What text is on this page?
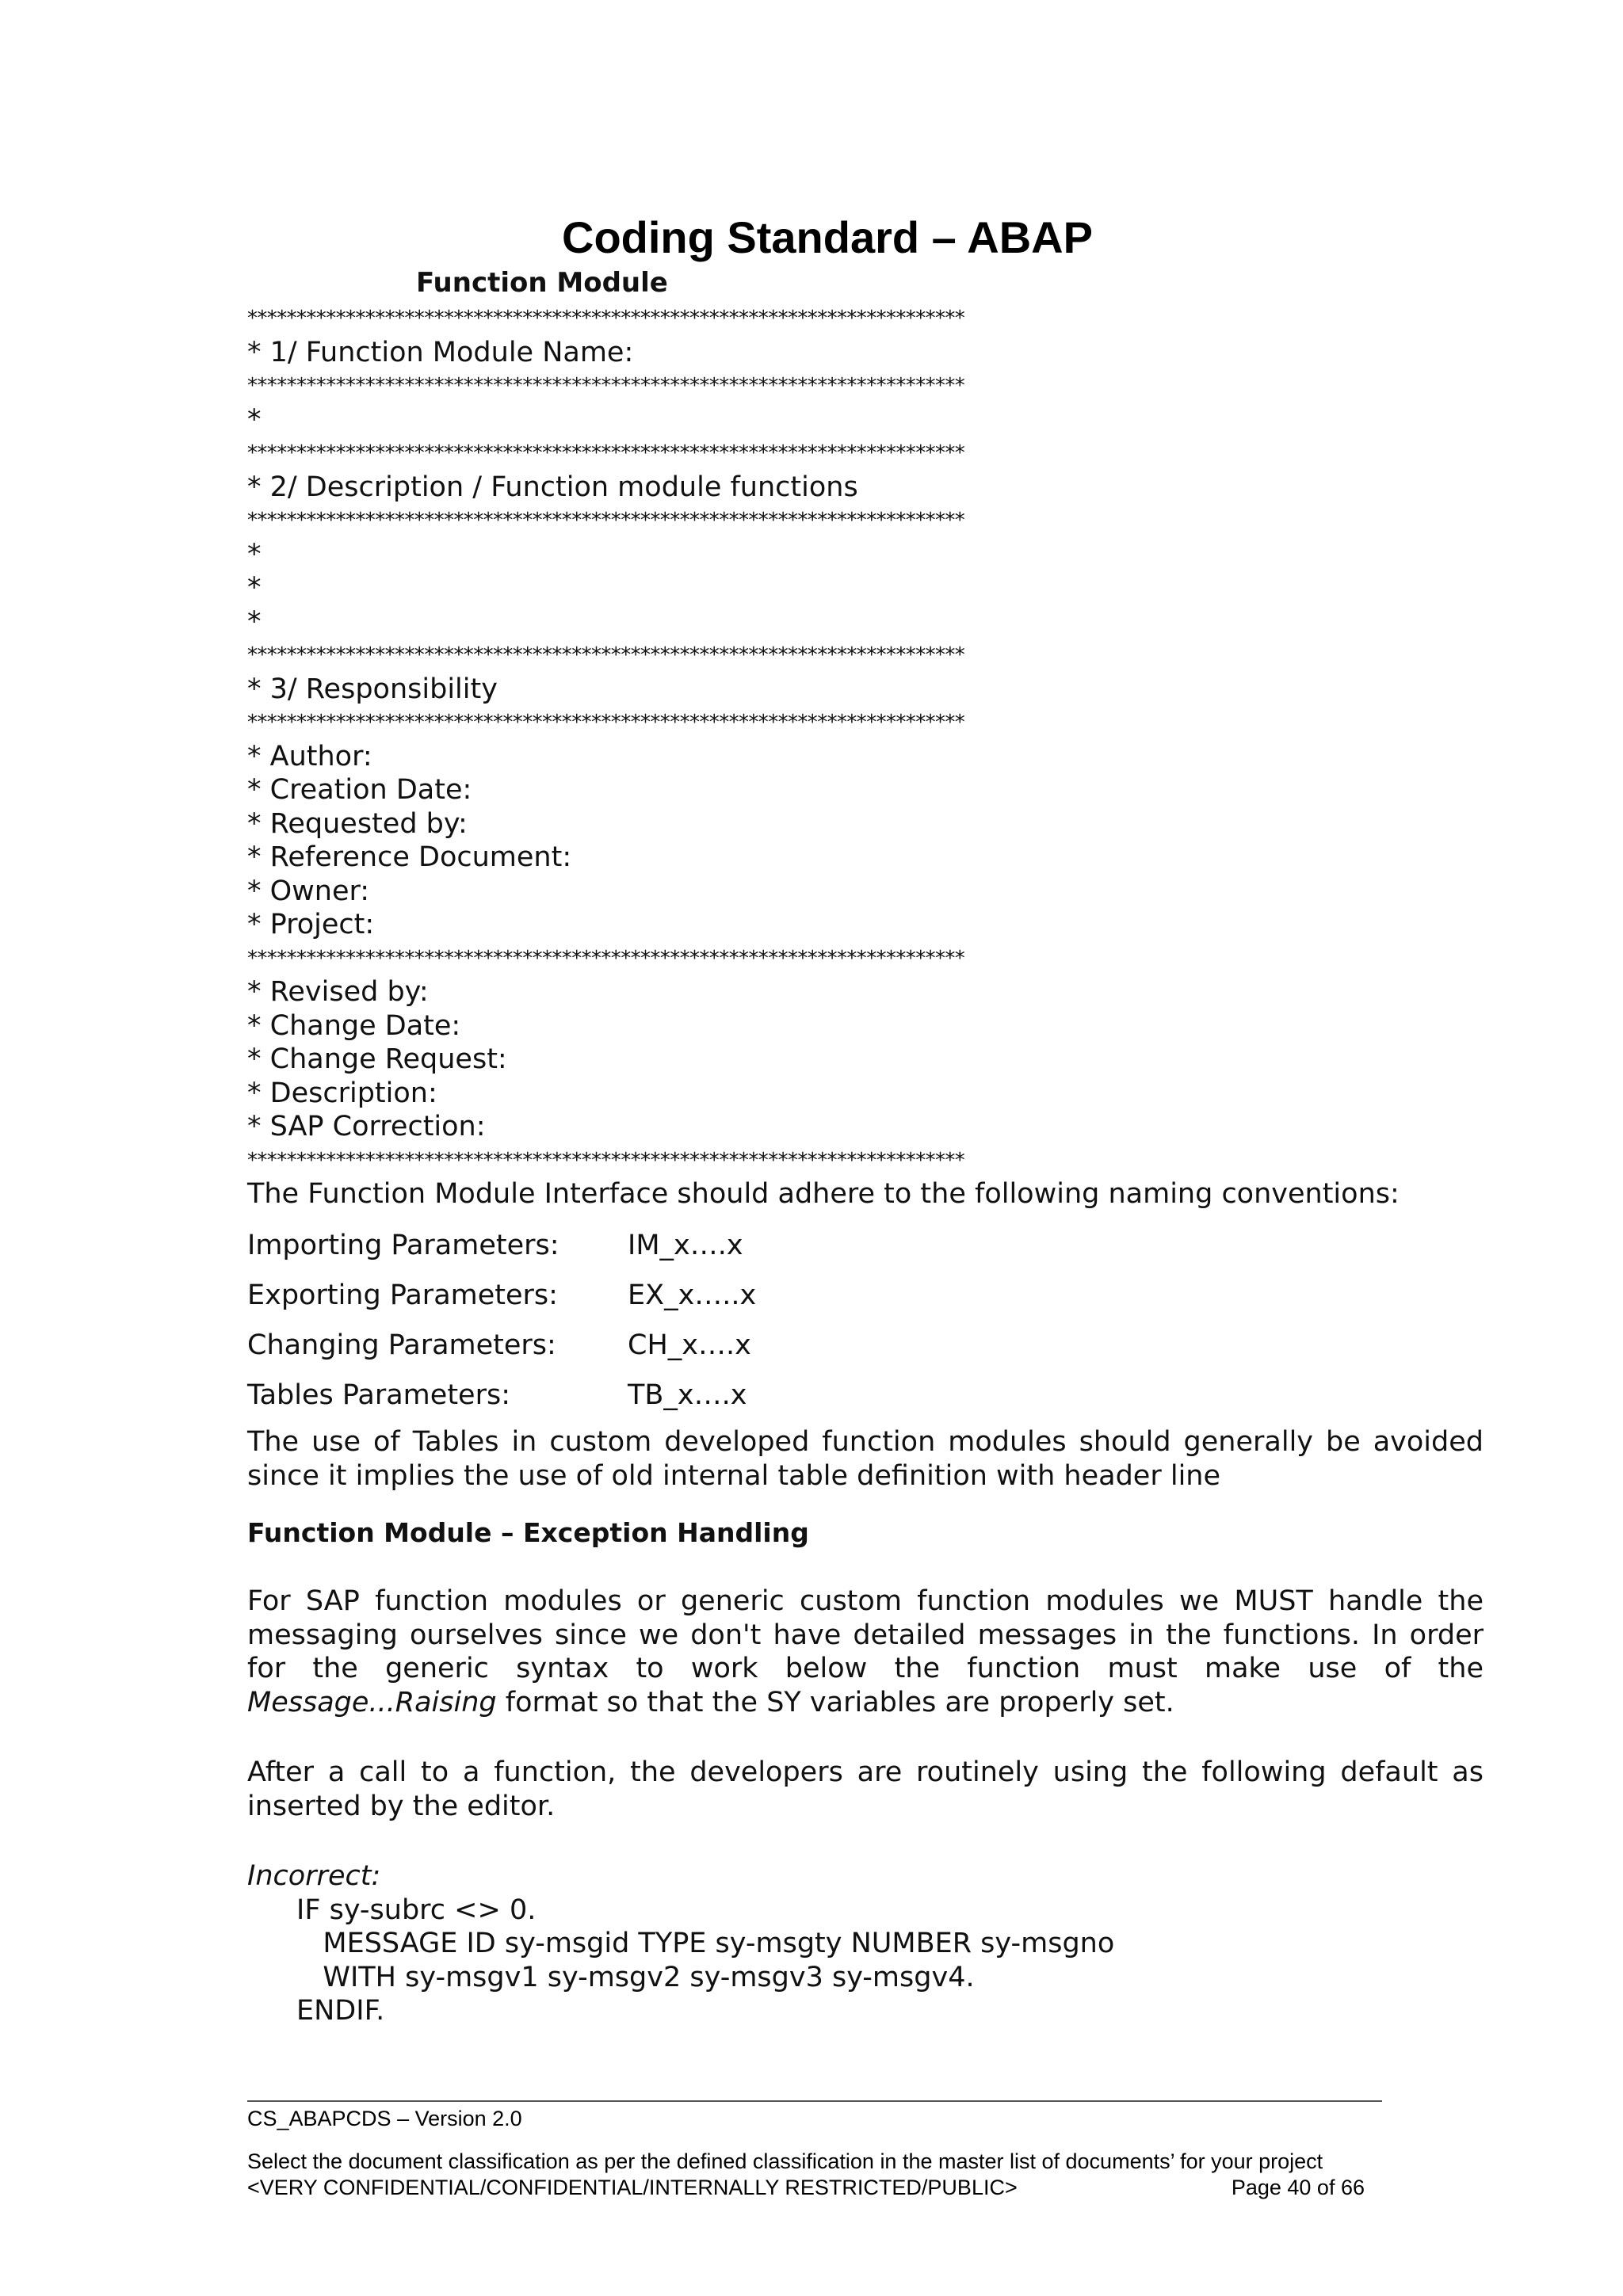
Coding Standard – ABAP
Function Module
*************************************************************************
* 1/ Function Module Name:
*************************************************************************
*
*************************************************************************
* 2/ Description / Function module functions
*************************************************************************
*
*
*
*************************************************************************
* 3/ Responsibility
*************************************************************************
* Author:
* Creation Date:
* Requested by:
* Reference Document:
* Owner:
* Project:
*************************************************************************
* Revised by:
* Change Date:
* Change Request:
* Description:
* SAP Correction:
*************************************************************************
The Function Module Interface should adhere to the following naming conventions:
Importing Parameters:	IM_x….x
Exporting Parameters:	EX_x…..x
Changing Parameters:	CH_x….x
Tables Parameters:	TB_x….x
The use of Tables in custom developed function modules should generally be avoided since it implies the use of old internal table definition with header line
Function Module – Exception Handling
For SAP function modules or generic custom function modules we MUST handle the messaging ourselves since we don't have detailed messages in the functions. In order for the generic syntax to work below the function must make use of the Message...Raising format so that the SY variables are properly set.
After a call to a function, the developers are routinely using the following default as inserted by the editor.
Incorrect:
IF sy-subrc <> 0.
MESSAGE ID sy-msgid TYPE sy-msgty NUMBER sy-msgno
WITH sy-msgv1 sy-msgv2 sy-msgv3 sy-msgv4.
ENDIF.
CS_ABAPCDS – Version 2.0
Select the document classification as per the defined classification in the master list of documents’ for your project
<VERY CONFIDENTIAL/CONFIDENTIAL/INTERNALLY RESTRICTED/PUBLIC>	Page 40 of 66
